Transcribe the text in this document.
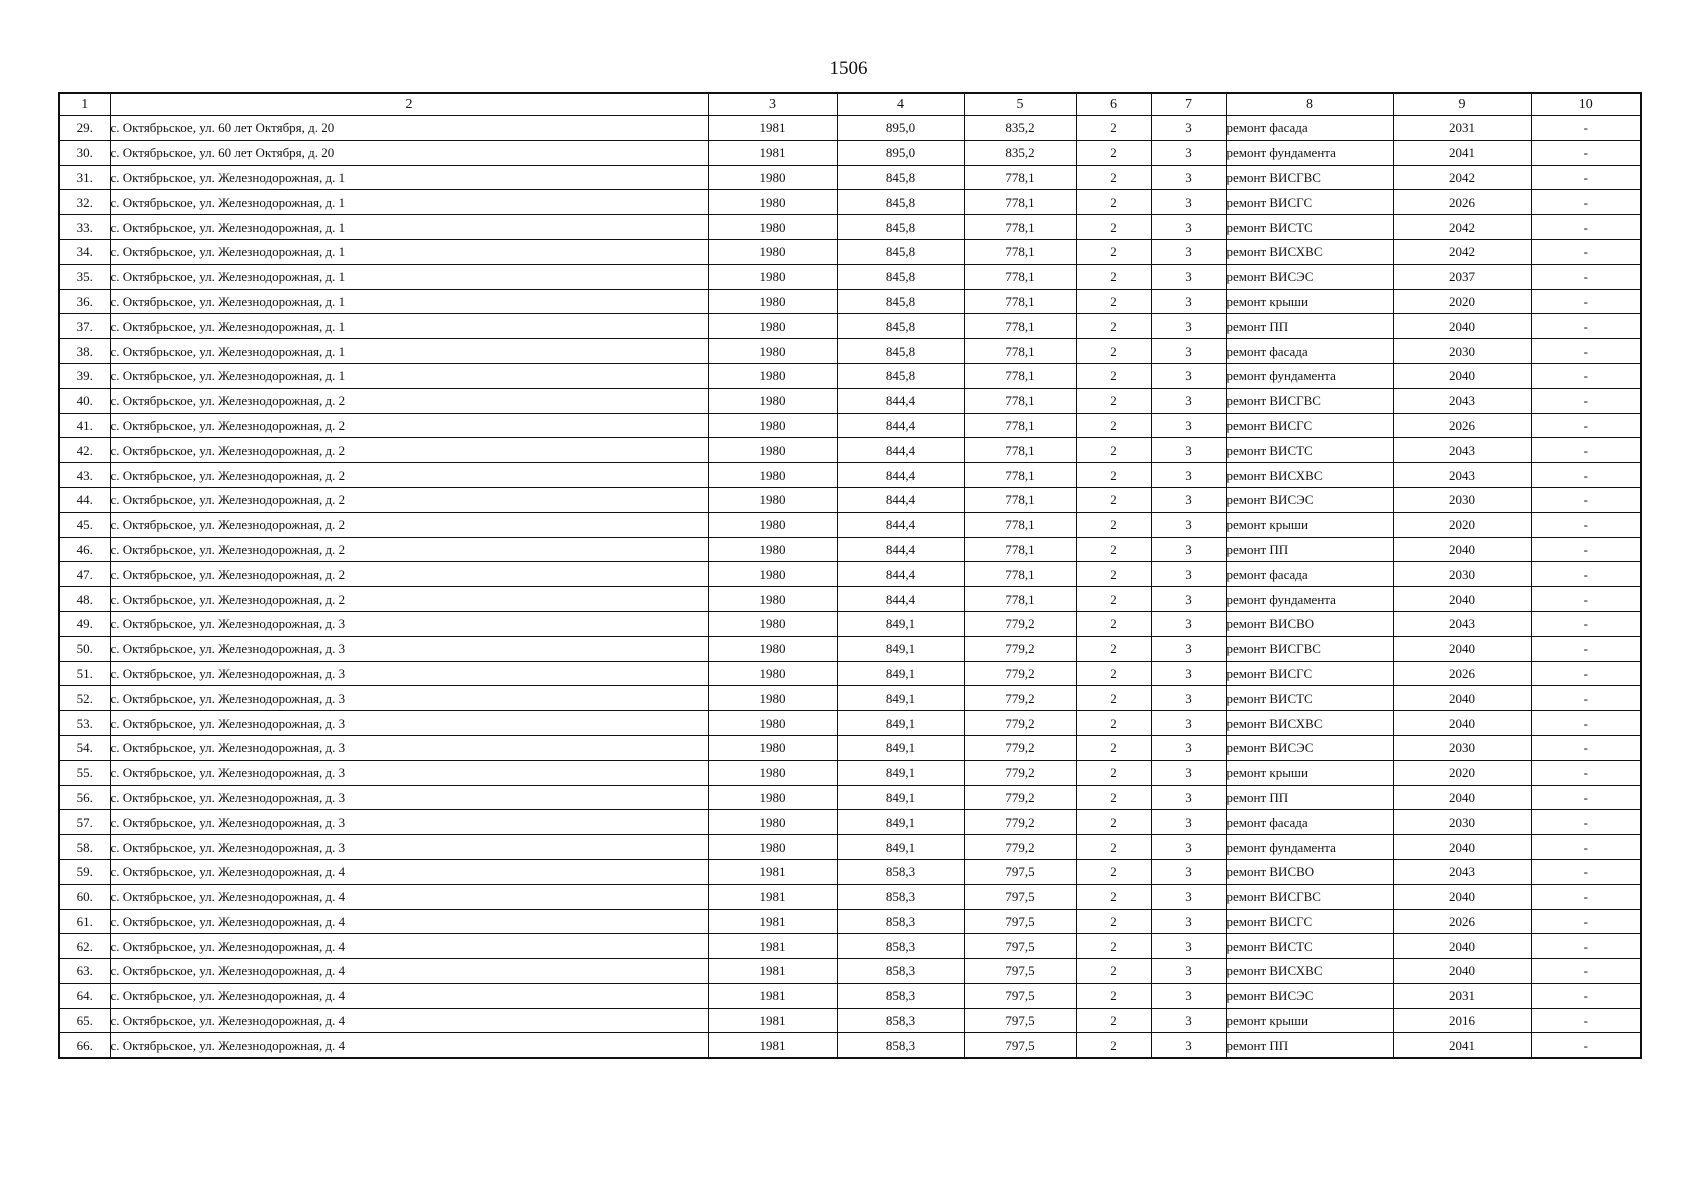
1506
1	2	3	4	5	6	7	8	9	10
29.	с. Октябрьское, ул. 60 лет Октября, д. 20	1981	895,0	835,2	2	3	ремонт фасада	2031	-
30.	с. Октябрьское, ул. 60 лет Октября, д. 20	1981	895,0	835,2	2	3	ремонт фундамента	2041	-
31.	с. Октябрьское, ул. Железнодорожная, д. 1	1980	845,8	778,1	2	3	ремонт ВИСГВС	2042	-
32.	с. Октябрьское, ул. Железнодорожная, д. 1	1980	845,8	778,1	2	3	ремонт ВИСГС	2026	-
33.	с. Октябрьское, ул. Железнодорожная, д. 1	1980	845,8	778,1	2	3	ремонт ВИСТС	2042	-
34.	с. Октябрьское, ул. Железнодорожная, д. 1	1980	845,8	778,1	2	3	ремонт ВИСХВС	2042	-
35.	с. Октябрьское, ул. Железнодорожная, д. 1	1980	845,8	778,1	2	3	ремонт ВИСЭС	2037	-
36.	с. Октябрьское, ул. Железнодорожная, д. 1	1980	845,8	778,1	2	3	ремонт крыши	2020	-
37.	с. Октябрьское, ул. Железнодорожная, д. 1	1980	845,8	778,1	2	3	ремонт ПП	2040	-
38.	с. Октябрьское, ул. Железнодорожная, д. 1	1980	845,8	778,1	2	3	ремонт фасада	2030	-
39.	с. Октябрьское, ул. Железнодорожная, д. 1	1980	845,8	778,1	2	3	ремонт фундамента	2040	-
40.	с. Октябрьское, ул. Железнодорожная, д. 2	1980	844,4	778,1	2	3	ремонт ВИСГВС	2043	-
41.	с. Октябрьское, ул. Железнодорожная, д. 2	1980	844,4	778,1	2	3	ремонт ВИСГС	2026	-
42.	с. Октябрьское, ул. Железнодорожная, д. 2	1980	844,4	778,1	2	3	ремонт ВИСТС	2043	-
43.	с. Октябрьское, ул. Железнодорожная, д. 2	1980	844,4	778,1	2	3	ремонт ВИСХВС	2043	-
44.	с. Октябрьское, ул. Железнодорожная, д. 2	1980	844,4	778,1	2	3	ремонт ВИСЭС	2030	-
45.	с. Октябрьское, ул. Железнодорожная, д. 2	1980	844,4	778,1	2	3	ремонт крыши	2020	-
46.	с. Октябрьское, ул. Железнодорожная, д. 2	1980	844,4	778,1	2	3	ремонт ПП	2040	-
47.	с. Октябрьское, ул. Железнодорожная, д. 2	1980	844,4	778,1	2	3	ремонт фасада	2030	-
48.	с. Октябрьское, ул. Железнодорожная, д. 2	1980	844,4	778,1	2	3	ремонт фундамента	2040	-
49.	с. Октябрьское, ул. Железнодорожная, д. 3	1980	849,1	779,2	2	3	ремонт ВИСВО	2043	-
50.	с. Октябрьское, ул. Железнодорожная, д. 3	1980	849,1	779,2	2	3	ремонт ВИСГВС	2040	-
51.	с. Октябрьское, ул. Железнодорожная, д. 3	1980	849,1	779,2	2	3	ремонт ВИСГС	2026	-
52.	с. Октябрьское, ул. Железнодорожная, д. 3	1980	849,1	779,2	2	3	ремонт ВИСТС	2040	-
53.	с. Октябрьское, ул. Железнодорожная, д. 3	1980	849,1	779,2	2	3	ремонт ВИСХВС	2040	-
54.	с. Октябрьское, ул. Железнодорожная, д. 3	1980	849,1	779,2	2	3	ремонт ВИСЭС	2030	-
55.	с. Октябрьское, ул. Железнодорожная, д. 3	1980	849,1	779,2	2	3	ремонт крыши	2020	-
56.	с. Октябрьское, ул. Железнодорожная, д. 3	1980	849,1	779,2	2	3	ремонт ПП	2040	-
57.	с. Октябрьское, ул. Железнодорожная, д. 3	1980	849,1	779,2	2	3	ремонт фасада	2030	-
58.	с. Октябрьское, ул. Железнодорожная, д. 3	1980	849,1	779,2	2	3	ремонт фундамента	2040	-
59.	с. Октябрьское, ул. Железнодорожная, д. 4	1981	858,3	797,5	2	3	ремонт ВИСВО	2043	-
60.	с. Октябрьское, ул. Железнодорожная, д. 4	1981	858,3	797,5	2	3	ремонт ВИСГВС	2040	-
61.	с. Октябрьское, ул. Железнодорожная, д. 4	1981	858,3	797,5	2	3	ремонт ВИСГС	2026	-
62.	с. Октябрьское, ул. Железнодорожная, д. 4	1981	858,3	797,5	2	3	ремонт ВИСТС	2040	-
63.	с. Октябрьское, ул. Железнодорожная, д. 4	1981	858,3	797,5	2	3	ремонт ВИСХВС	2040	-
64.	с. Октябрьское, ул. Железнодорожная, д. 4	1981	858,3	797,5	2	3	ремонт ВИСЭС	2031	-
65.	с. Октябрьское, ул. Железнодорожная, д. 4	1981	858,3	797,5	2	3	ремонт крыши	2016	-
66.	с. Октябрьское, ул. Железнодорожная, д. 4	1981	858,3	797,5	2	3	ремонт ПП	2041	-
